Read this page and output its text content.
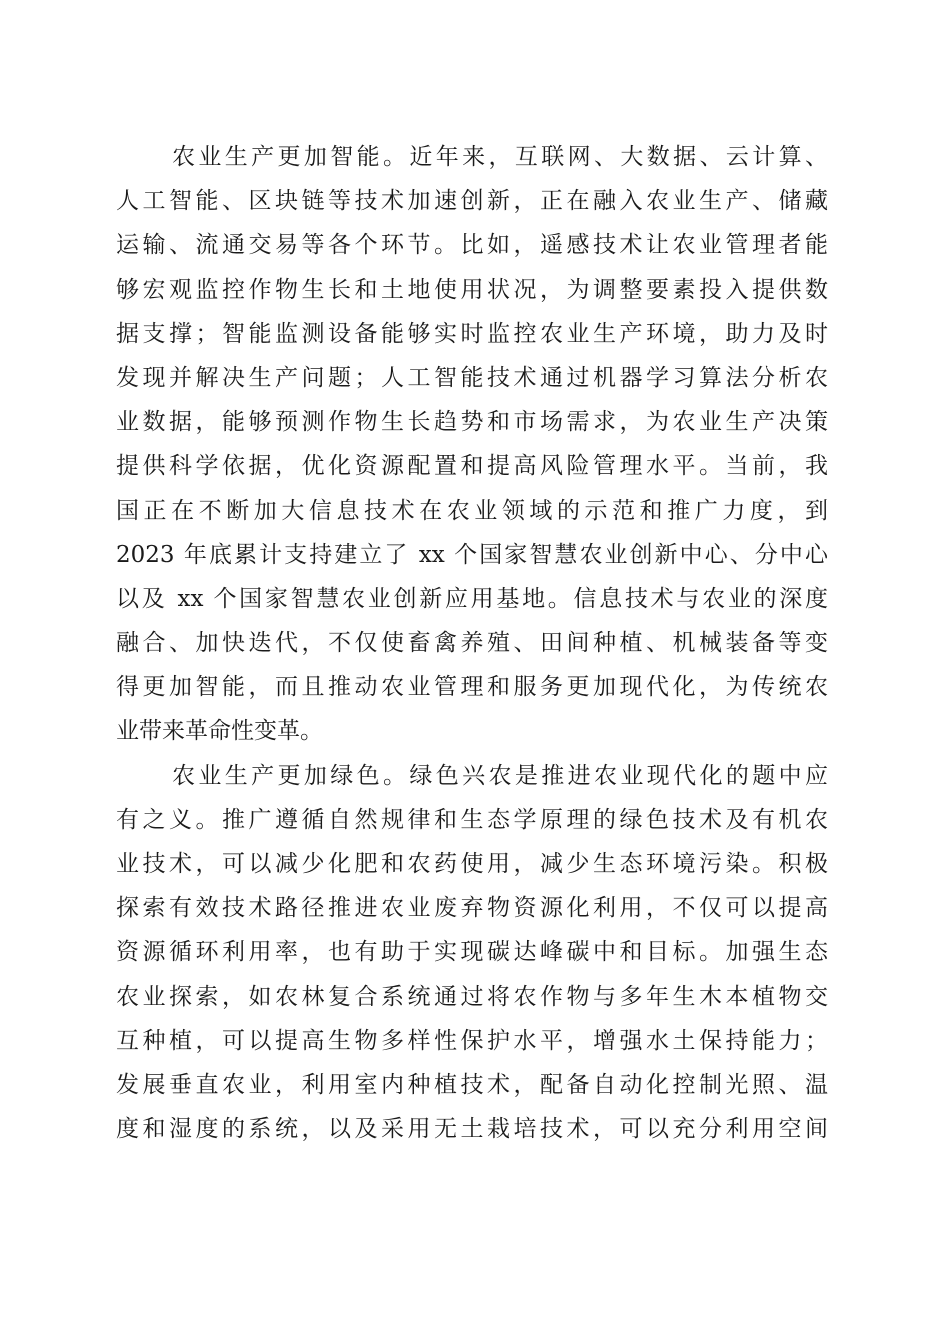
农业生产更加智能。近年来，互联网、大数据、云计算、
人工智能、区块链等技术加速创新，正在融入农业生产、储藏
运输、流通交易等各个环节。比如，遥感技术让农业管理者能
够宏观监控作物生长和土地使用状况，为调整要素投入提供数
据支撑；智能监测设备能够实时监控农业生产环境，助力及时
发现并解决生产问题；人工智能技术通过机器学习算法分析农
业数据，能够预测作物生长趋势和市场需求，为农业生产决策
提供科学依据，优化资源配置和提高风险管理水平。当前，我
国正在不断加大信息技术在农业领域的示范和推广力度，到
2023 年底累计支持建立了 xx 个国家智慧农业创新中心、分中心
以及 xx 个国家智慧农业创新应用基地。信息技术与农业的深度
融合、加快迭代，不仅使畜禽养殖、田间种植、机械装备等变
得更加智能，而且推动农业管理和服务更加现代化，为传统农
业带来革命性变革。
农业生产更加绿色。绿色兴农是推进农业现代化的题中应
有之义。推广遵循自然规律和生态学原理的绿色技术及有机农
业技术，可以减少化肥和农药使用，减少生态环境污染。积极
探索有效技术路径推进农业废弃物资源化利用，不仅可以提高
资源循环利用率，也有助于实现碳达峰碳中和目标。加强生态
农业探索，如农林复合系统通过将农作物与多年生木本植物交
互种植，可以提高生物多样性保护水平，增强水土保持能力；
发展垂直农业，利用室内种植技术，配备自动化控制光照、温
度和湿度的系统，以及采用无土栽培技术，可以充分利用空间
